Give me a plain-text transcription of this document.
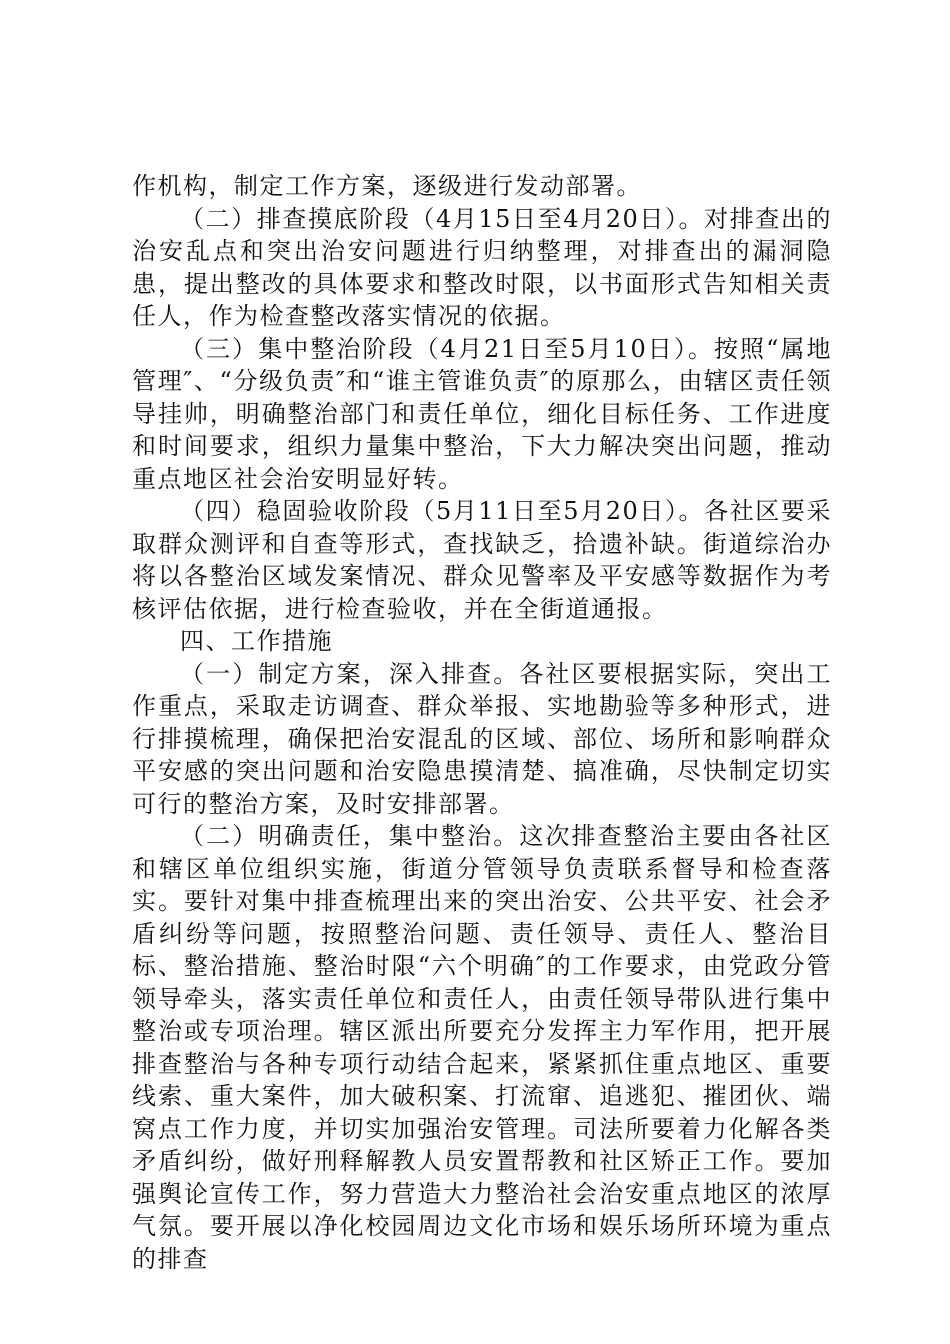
作机构，制定工作方案，逐级进行发动部署。

（二）排查摸底阶段（4月15日至4月20日）。对排查出的治安乱点和突出治安问题进行归纳整理，对排查出的漏洞隐患，提出整改的具体要求和整改时限，以书面形式告知相关责任人，作为检查整改落实情况的依据。

（三）集中整治阶段（4月21日至5月10日）。按照“属地管理″、“分级负责″和“谁主管谁负责″的原那么，由辖区责任领导挂帅，明确整治部门和责任单位，细化目标任务、工作进度和时间要求，组织力量集中整治，下大力解决突出问题，推动重点地区社会治安明显好转。

（四）稳固验收阶段（5月11日至5月20日）。各社区要采取群众测评和自查等形式，查找缺乏，拾遗补缺。街道综治办将以各整治区域发案情况、群众见警率及平安感等数据作为考核评估依据，进行检查验收，并在全街道通报。

四、工作措施

（一）制定方案，深入排查。各社区要根据实际，突出工作重点，采取走访调查、群众举报、实地勘验等多种形式，进行排摸梳理，确保把治安混乱的区域、部位、场所和影响群众平安感的突出问题和治安隐患摸清楚、搞准确，尽快制定切实可行的整治方案，及时安排部署。

（二）明确责任，集中整治。这次排查整治主要由各社区和辖区单位组织实施，街道分管领导负责联系督导和检查落实。要针对集中排查梳理出来的突出治安、公共平安、社会矛盾纠纷等问题，按照整治问题、责任领导、责任人、整治目标、整治措施、整治时限“六个明确″的工作要求，由党政分管领导牵头，落实责任单位和责任人，由责任领导带队进行集中整治或专项治理。辖区派出所要充分发挥主力军作用，把开展排查整治与各种专项行动结合起来，紧紧抓住重点地区、重要线索、重大案件，加大破积案、打流窜、追逃犯、摧团伙、端窝点工作力度，并切实加强治安管理。司法所要着力化解各类矛盾纠纷，做好刑释解教人员安置帮教和社区矫正工作。要加强舆论宣传工作，努力营造大力整治社会治安重点地区的浓厚气氛。要开展以净化校园周边文化市场和娱乐场所环境为重点的排查
